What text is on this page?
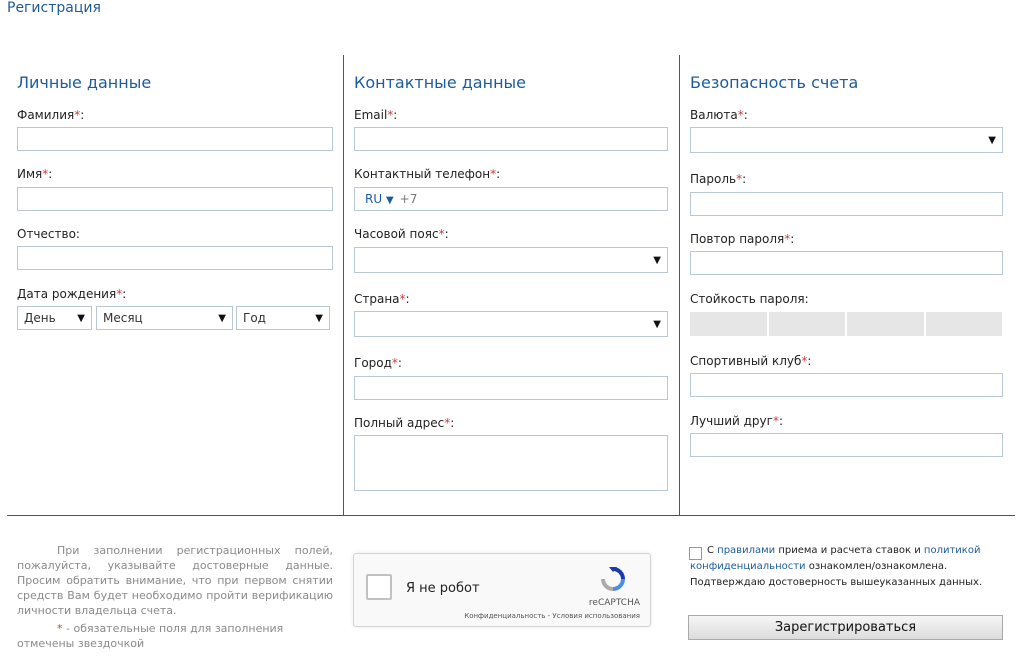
Регистрация
Личные данные
Фамилия*:
Имя*:
Отчество:
Дата рождения*:
День ▼ Месяц	▼ Год	▼
Контактные данные
Email*:
Контактный телефон*:
RU ▼ +7
Часовой пояс*:
▼
Страна*:
▼
Город*:
Полный адрес*:
Безопасность счета
Валюта*:
▼
Пароль*:
Повтор пароля*:
Стойкость пароля:
Спортивный клуб*:
Лучший друг*:
При заполнении регистрационных полей, пожалуйста, указывайте достоверные данные. Просим обратить внимание, что при первом снятии средств Вам будет необходимо пройти верификацию личности владельца счета.
* - обязательные поля для заполнения отмечены звездочкой
Я не робот
reCAPTCHA
Конфиденциальность - Условия использования
С правилами приема и расчета ставок и политикой конфиденциальности ознакомлен/ознакомлена. Подтверждаю достоверность вышеуказанных данных.
Зарегистрироваться
